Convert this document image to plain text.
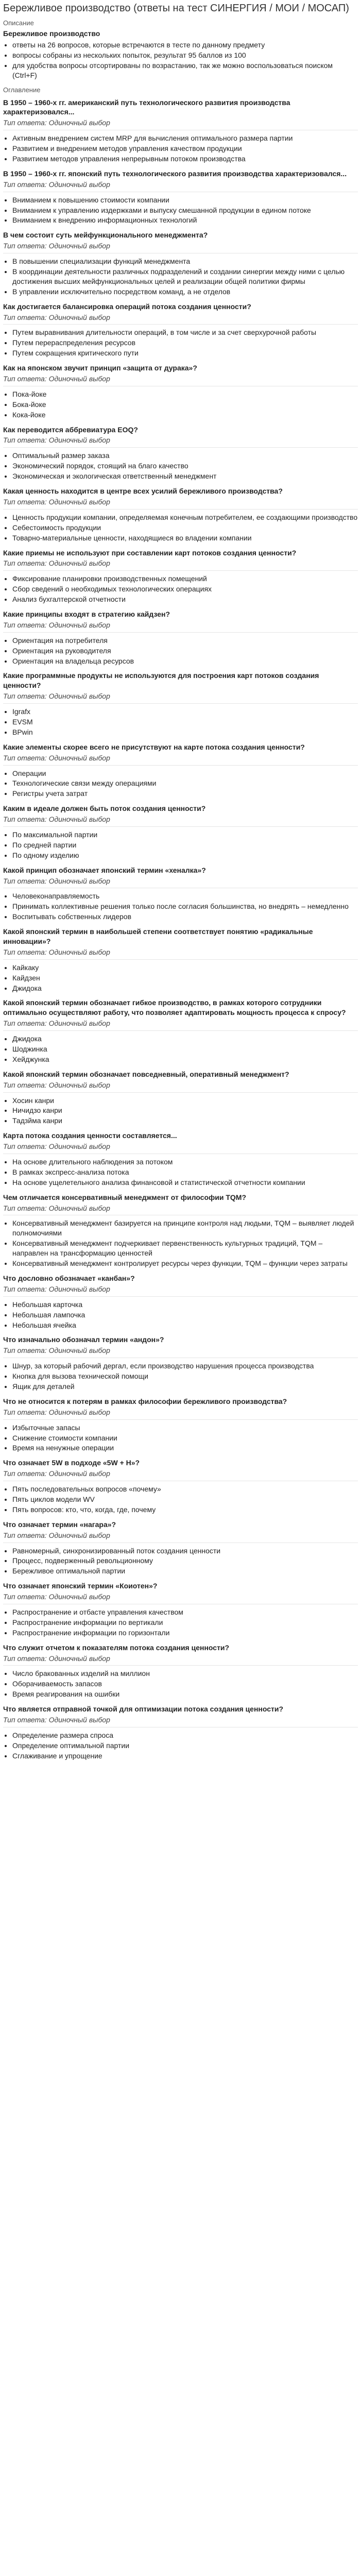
Бережливое производство (ответы на тест СИНЕРГИЯ / МОИ / МОСАП)
Описание
Бережливое производство
• ответы на 26 вопросов, которые встречаются в тесте по данному предмету
• вопросы собраны из нескольких попыток, результат 95 баллов из 100
• для удобства вопросы отсортированы по возрастанию, так же можно воспользоваться поиском (Ctrl+F)
Оглавление
В 1950 – 1960-х гг. американский путь технологического развития производства характеризовался...
Тип ответа: Одиночный выбор
• Активным внедрением систем MRP для вычисления оптимального размера партии
• Развитием и внедрением методов управления качеством продукции
• Развитием методов управления непрерывным потоком производства
В 1950 – 1960-х гг. японский путь технологического развития производства характеризовался...
Тип ответа: Одиночный выбор
• Вниманием к повышению стоимости компании
• Вниманием к управлению издержками и выпуску смешанной продукции в едином потоке
• Вниманием к внедрению информационных технологий
В чем состоит суть мейфункционального менеджмента?
Тип ответа: Одиночный выбор
• В повышении специализации функций менеджмента
• В координации деятельности различных подразделений и создании синергии между ними с целью достижения высших мейфункциональных целей и реализации общей политики фирмы
• В управлении исключительно посредством команд, а не отделов
Как достигается балансировка операций потока создания ценности?
Тип ответа: Одиночный выбор
• Путем выравнивания длительности операций, в том числе и за счет сверхурочной работы
• Путем перераспределения ресурсов
• Путем сокращения критического пути
Как на японском звучит принцип «защита от дурака»?
Тип ответа: Одиночный выбор
• Пока-йоке
• Бока-йоке
• Кока-йоке
Как переводится аббревиатура EOQ?
Тип ответа: Одиночный выбор
• Оптимальный размер заказа
• Экономический порядок, стоящий на благо качество
• Экономическая и экологическая ответственный менеджмент
Какая ценность находится в центре всех усилий бережливого производства?
Тип ответа: Одиночный выбор
• Ценность продукции компании, определяемая конечным потребителем, ее создающими производство
• Себестоимость продукции
• Товарно-материальные ценности, находящиеся во владении компании
Какие приемы не используют при составлении карт потоков создания ценности?
Тип ответа: Одиночный выбор
• Фиксирование планировки производственных помещений
• Сбор сведений о необходимых технологических операциях
• Анализ бухгалтерской отчетности
Какие принципы входят в стратегию кайдзен?
Тип ответа: Одиночный выбор
• Ориентация на потребителя
• Ориентация на руководителя
• Ориентация на владельца ресурсов
Какие программные продукты не используются для построения карт потоков создания ценности?
Тип ответа: Одиночный выбор
• Igrafx
• EVSM
• BPwin
Какие элементы скорее всего не присутствуют на карте потока создания ценности?
Тип ответа: Одиночный выбор
• Операции
• Технологические связи между операциями
• Регистры учета затрат
Каким в идеале должен быть поток создания ценности?
Тип ответа: Одиночный выбор
• По максимальной партии
• По средней партии
• По одному изделию
Какой принцип обозначает японский термин «хеналка»?
Тип ответа: Одиночный выбор
• Человеконаправляемость
• Принимать коллективные решения только после согласия большинства, но внедрять – немедленно
• Воспитывать собственных лидеров
Какой японский термин в наибольшей степени соответствует понятию «радикальные инновации»?
Тип ответа: Одиночный выбор
• Кайкаку
• Кайдзен
• Джидока
Какой японский термин обозначает гибкое производство, в рамках которого сотрудники оптимально осуществляют работу, что позволяет адаптировать мощность процесса к спросу?
Тип ответа: Одиночный выбор
• Джидока
• Шоджинка
• Хейджунка
Какой японский термин обозначает повседневный, оперативный менеджмент?
Тип ответа: Одиночный выбор
• Хосин канри
• Ничидзо канри
• Тадзйма канри
Карта потока создания ценности составляется...
Тип ответа: Одиночный выбор
• На основе длительного наблюдения за потоком
• В рамках экспресс-анализа потока
• На основе ущелетельного анализа финансовой и статистической отчетности компании
Чем отличается консервативный менеджмент от философии TQM?
Тип ответа: Одиночный выбор
• Консервативный менеджмент базируется на принципе контроля над людьми, TQM – выявляет людей полномочиями
• Консервативный менеджмент подчеркивает первенственность культурных традиций, TQM – направлен на трансформацию ценностей
• Консервативный менеджмент контролирует ресурсы через функции, TQM – функции через затраты
Что дословно обозначает «канбан»?
Тип ответа: Одиночный выбор
• Небольшая карточка
• Небольшая лампочка
• Небольшая ячейка
Что изначально обозначал термин «андон»?
Тип ответа: Одиночный выбор
• Шнур, за который рабочий дергал, если производство нарушения процесса производства
• Кнопка для вызова технической помощи
• Ящик для деталей
Что не относится к потерям в рамках философии бережливого производства?
Тип ответа: Одиночный выбор
• Избыточные запасы
• Снижение стоимости компании
• Время на ненужные операции
Что означает 5W в подходе «5W + H»?
Тип ответа: Одиночный выбор
• Пять последовательных вопросов «почему»
• Пять циклов модели WV
• Пять вопросов: кто, что, когда, где, почему
Что означает термин «нагара»?
Тип ответа: Одиночный выбор
• Равномерный, синхронизированный поток создания ценности
• Процесс, подверженный револьционному
• Бережливое оптимальной партии
Что означает японский термин «Коиотен»?
Тип ответа: Одиночный выбор
• Распространение и отбасте управления качеством
• Распространение информации по вертикали
• Распространение информации по горизонтали
Что служит отчетом к показателям потока создания ценности?
Тип ответа: Одиночный выбор
• Число бракованных изделий на миллион
• Оборачиваемость запасов
• Время реагирования на ошибки
Что является отправной точкой для оптимизации потока создания ценности?
Тип ответа: Одиночный выбор
• Определение размера спроса
• Определение оптимальной партии
• Сглаживание и упрощение
